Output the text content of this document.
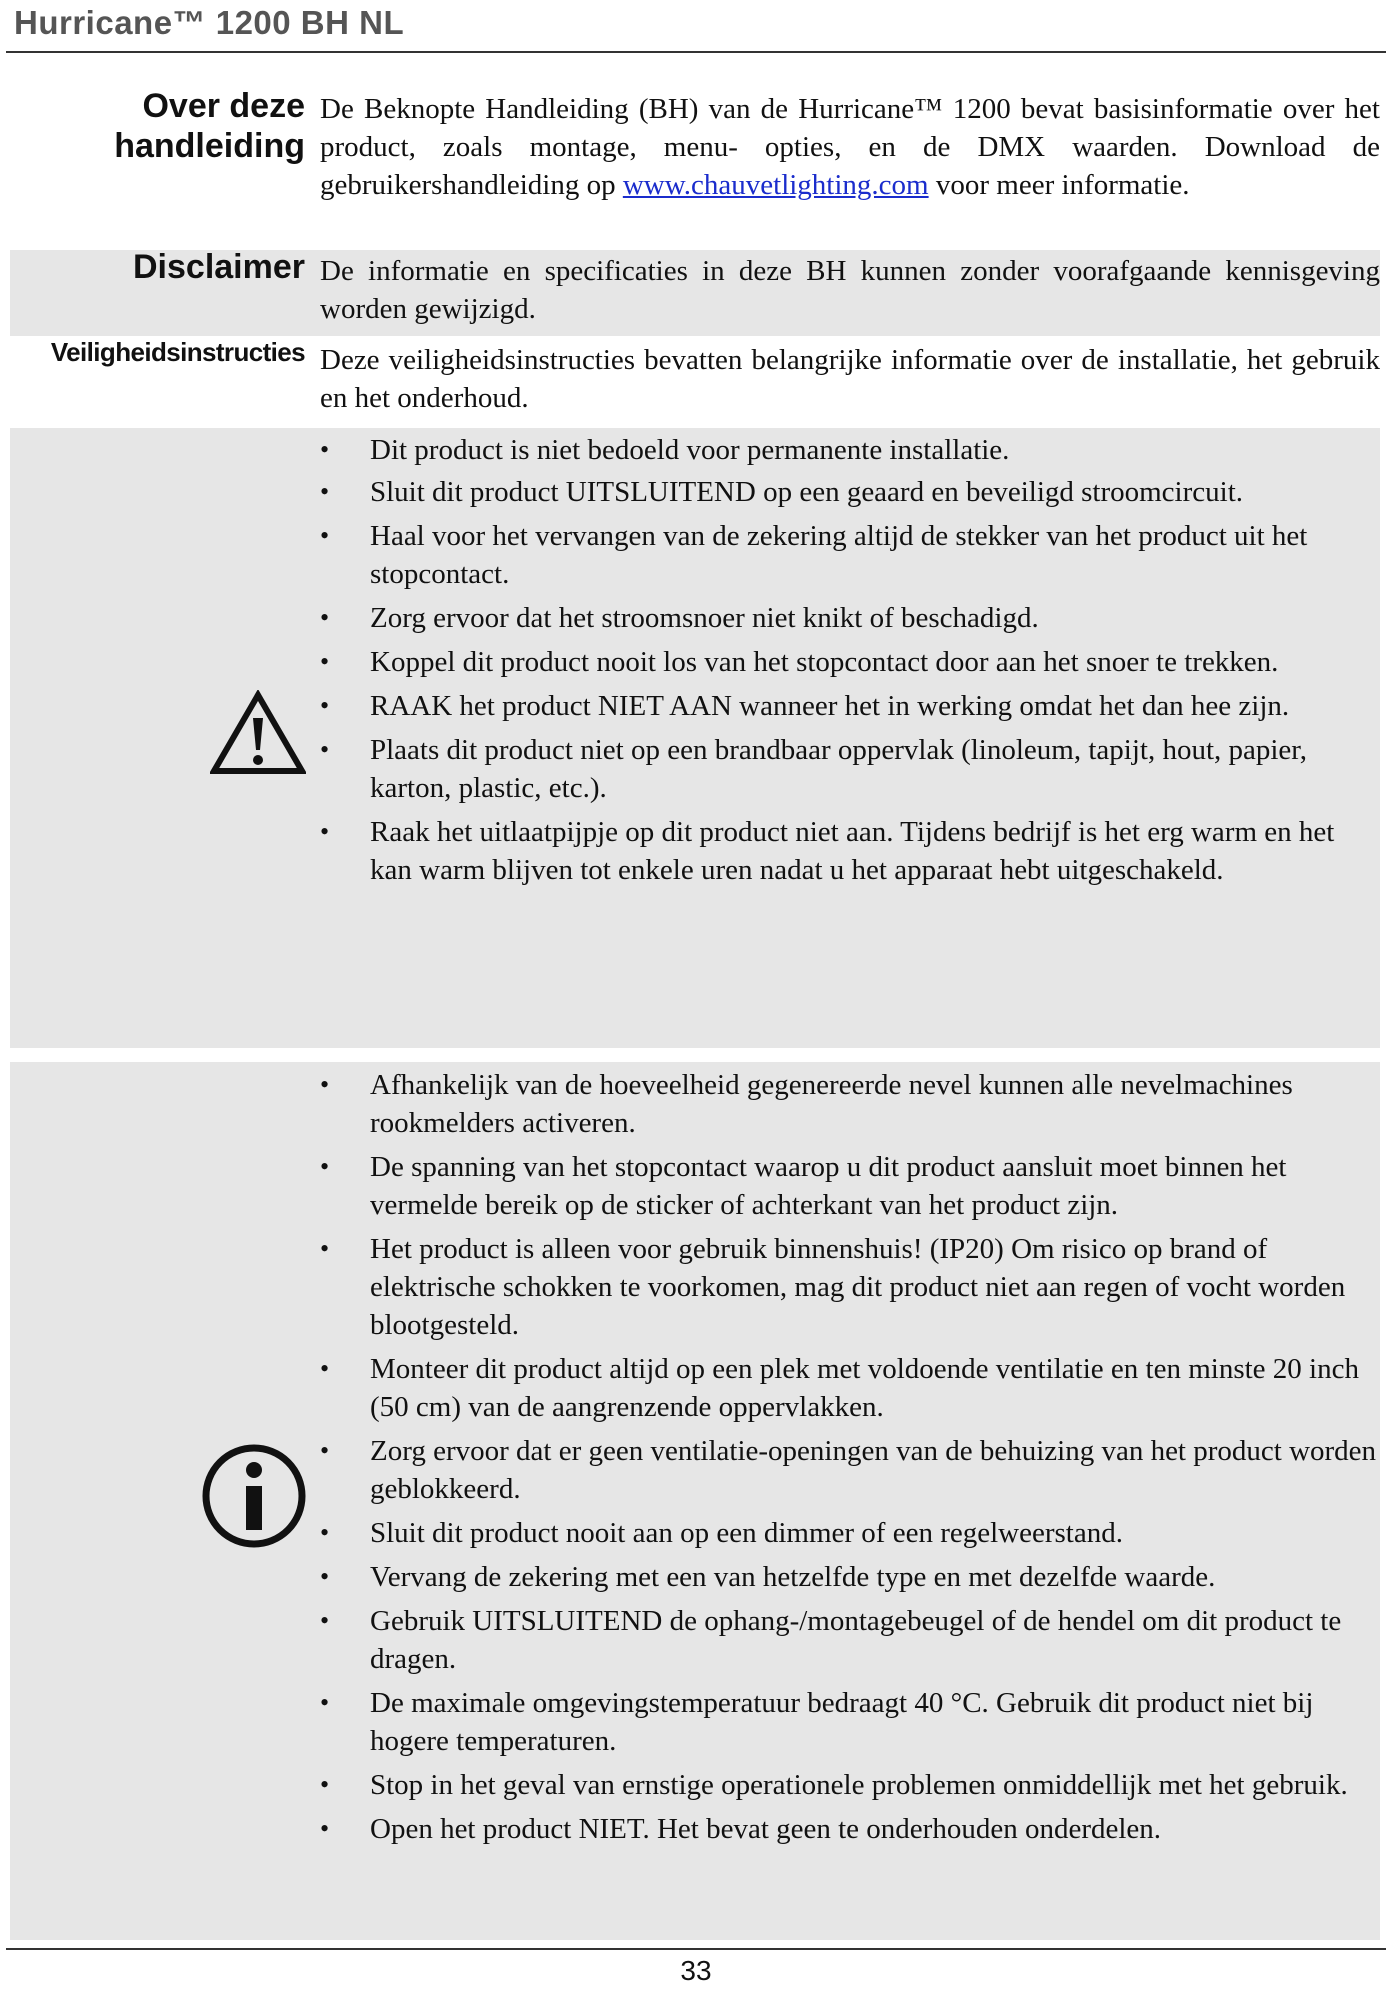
Hurricane™ 1200 BH NL
Over deze
handleiding
De Beknopte Handleiding (BH) van de Hurricane™ 1200 bevat basisinformatie over het product, zoals montage, menu- opties, en de DMX waarden. Download de gebruikershandleiding op www.chauvetlighting.com voor meer informatie.
Disclaimer De informatie en specificaties in deze BH kunnen zonder voorafgaande kennisgeving worden gewijzigd.
Veiligheidsinstructies Deze veiligheidsinstructies bevatten belangrijke informatie over de installatie, het gebruik en het onderhoud.
• Dit product is niet bedoeld voor permanente installatie.
• Sluit dit product UITSLUITEND op een geaard en beveiligd stroomcircuit.
• Haal voor het vervangen van de zekering altijd de stekker van het product uit het stopcontact.
• Zorg ervoor dat het stroomsnoer niet knikt of beschadigd.
• Koppel dit product nooit los van het stopcontact door aan het snoer te trekken.
• RAAK het product NIET AAN wanneer het in werking omdat het dan hee zijn.
• Plaats dit product niet op een brandbaar oppervlak (linoleum, tapijt, hout, papier, karton, plastic, etc.).
• Raak het uitlaatpijpje op dit product niet aan. Tijdens bedrijf is het erg warm en het kan warm blijven tot enkele uren nadat u het apparaat hebt uitgeschakeld.
• Afhankelijk van de hoeveelheid gegenereerde nevel kunnen alle nevelmachines rookmelders activeren.
• De spanning van het stopcontact waarop u dit product aansluit moet binnen het vermelde bereik op de sticker of achterkant van het product zijn.
• Het product is alleen voor gebruik binnenshuis! (IP20) Om risico op brand of elektrische schokken te voorkomen, mag dit product niet aan regen of vocht worden blootgesteld.
• Monteer dit product altijd op een plek met voldoende ventilatie en ten minste 20 inch (50 cm) van de aangrenzende oppervlakken.
• Zorg ervoor dat er geen ventilatie-openingen van de behuizing van het product worden geblokkeerd.
• Sluit dit product nooit aan op een dimmer of een regelweerstand.
• Vervang de zekering met een van hetzelfde type en met dezelfde waarde.
• Gebruik UITSLUITEND de ophang-/montagebeugel of de hendel om dit product te dragen.
• De maximale omgevingstemperatuur bedraagt 40 °C. Gebruik dit product niet bij hogere temperaturen.
• Stop in het geval van ernstige operationele problemen onmiddellijk met het gebruik.
• Open het product NIET. Het bevat geen te onderhouden onderdelen.
33
